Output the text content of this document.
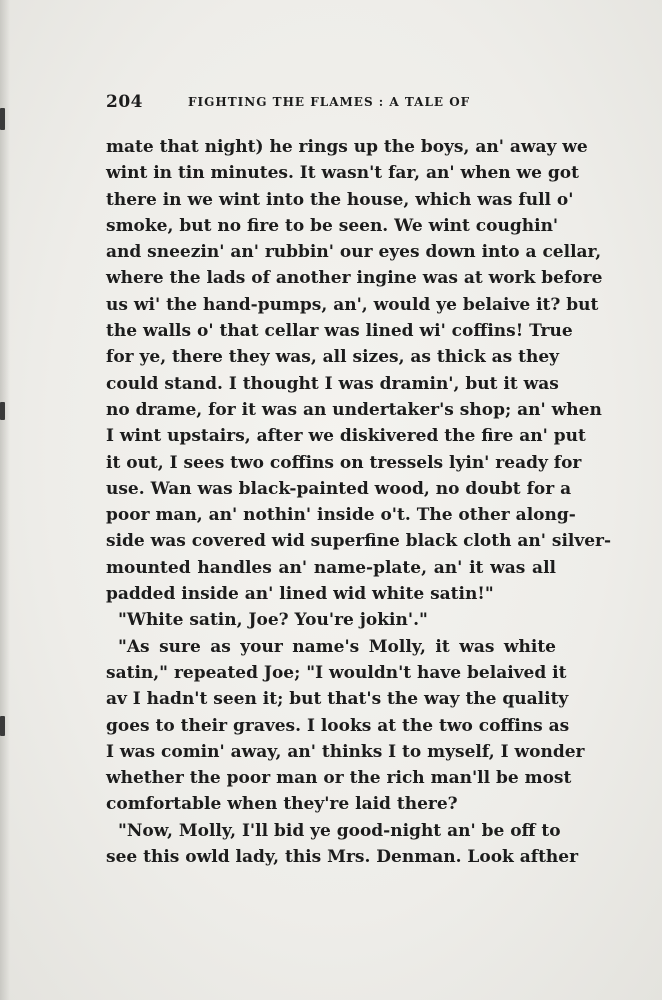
204	FIGHTING THE FLAMES : A TALE OF
mate that night) he rings up the boys, an' away we
wint in tin minutes. It wasn't far, an' when we got
there in we wint into the house, which was full o'
smoke, but no fire to be seen. We wint coughin'
and sneezin' an' rubbin' our eyes down into a cellar,
where the lads of another ingine was at work before
us wi' the hand-pumps, an', would ye belaive it? but
the walls o' that cellar was lined wi' coffins! True
for ye, there they was, all sizes, as thick as they
could stand. I thought I was dramin', but it was
no drame, for it was an undertaker's shop; an' when
I wint upstairs, after we diskivered the fire an' put
it out, I sees two coffins on tressels lyin' ready for
use. Wan was black-painted wood, no doubt for a
poor man, an' nothin' inside o't. The other along-
side was covered wid superfine black cloth an' silver-
mounted handles an' name-plate, an' it was all
padded inside an' lined wid white satin!"
"White satin, Joe? You're jokin'."
"As sure as your name's Molly, it was white
satin," repeated Joe; "I wouldn't have belaived it
av I hadn't seen it; but that's the way the quality
goes to their graves. I looks at the two coffins as
I was comin' away, an' thinks I to myself, I wonder
whether the poor man or the rich man'll be most
comfortable when they're laid there?
"Now, Molly, I'll bid ye good-night an' be off to
see this owld lady, this Mrs. Denman. Look afther
